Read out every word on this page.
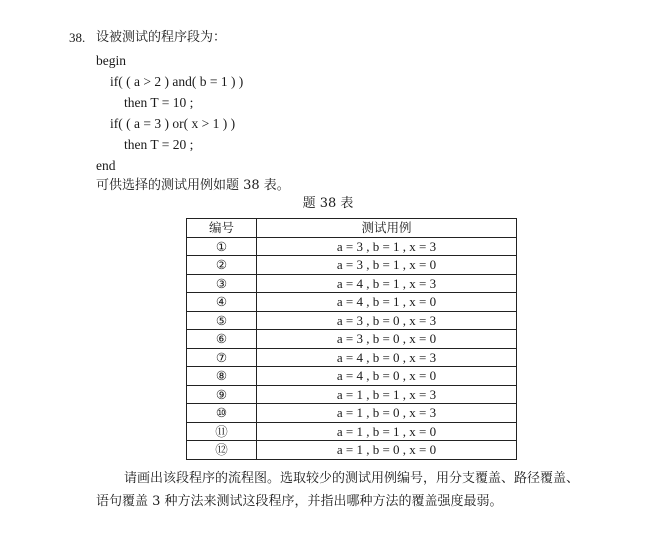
38. 设被测试的程序段为：
begin
if( ( a > 2 ) and( b = 1 ) )
then T = 10 ;
if( ( a = 3 ) or( x > 1 ) )
then T = 20 ;
end
可供选择的测试用例如题 38 表。
题 38 表
编号	测试用例
①	a = 3 , b = 1 , x = 3
②	a = 3 , b = 1 , x = 0
③	a = 4 , b = 1 , x = 3
④	a = 4 , b = 1 , x = 0
⑤	a = 3 , b = 0 , x = 3
⑥	a = 3 , b = 0 , x = 0
⑦	a = 4 , b = 0 , x = 3
⑧	a = 4 , b = 0 , x = 0
⑨	a = 1 , b = 1 , x = 3
⑩	a = 1 , b = 0 , x = 3
⑪	a = 1 , b = 1 , x = 0
⑫	a = 1 , b = 0 , x = 0
请画出该段程序的流程图。选取较少的测试用例编号，用分支覆盖、路径覆盖、
语句覆盖 3 种方法来测试这段程序，并指出哪种方法的覆盖强度最弱。
